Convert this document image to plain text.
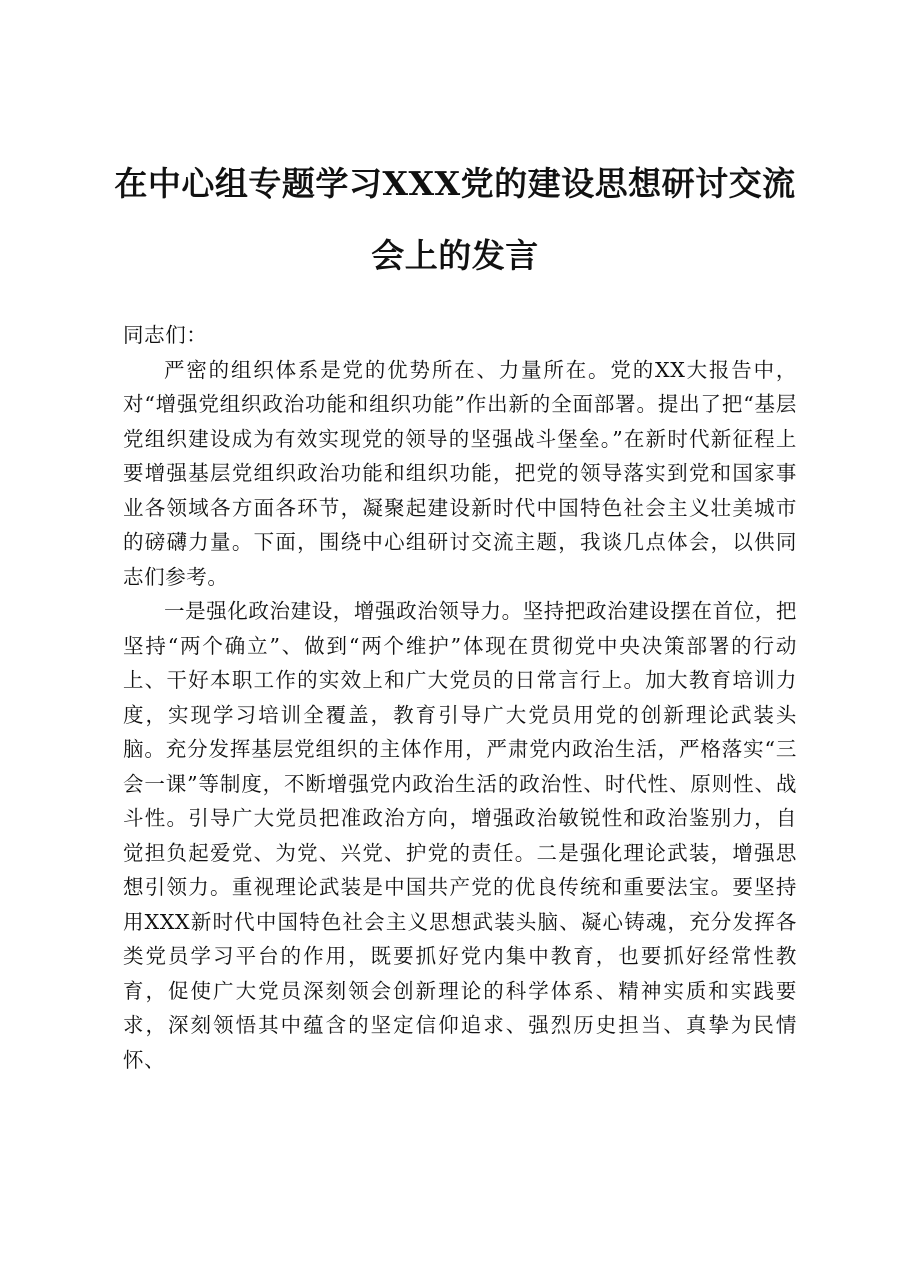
在中心组专题学习XXX党的建设思想研讨交流会上的发言

同志们：

严密的组织体系是党的优势所在、力量所在。党的XX大报告中，对“增强党组织政治功能和组织功能”作出新的全面部署。提出了把“基层党组织建设成为有效实现党的领导的坚强战斗堡垒。”在新时代新征程上要增强基层党组织政治功能和组织功能，把党的领导落实到党和国家事业各领域各方面各环节，凝聚起建设新时代中国特色社会主义壮美城市的磅礴力量。下面，围绕中心组研讨交流主题，我谈几点体会，以供同志们参考。

一是强化政治建设，增强政治领导力。坚持把政治建设摆在首位，把坚持“两个确立”、做到“两个维护”体现在贯彻党中央决策部署的行动上、干好本职工作的实效上和广大党员的日常言行上。加大教育培训力度，实现学习培训全覆盖，教育引导广大党员用党的创新理论武装头脑。充分发挥基层党组织的主体作用，严肃党内政治生活，严格落实“三会一课”等制度，不断增强党内政治生活的政治性、时代性、原则性、战斗性。引导广大党员把准政治方向，增强政治敏锐性和政治鉴别力，自觉担负起爱党、为党、兴党、护党的责任。二是强化理论武装，增强思想引领力。重视理论武装是中国共产党的优良传统和重要法宝。要坚持用XXX新时代中国特色社会主义思想武装头脑、凝心铸魂，充分发挥各类党员学习平台的作用，既要抓好党内集中教育，也要抓好经常性教育，促使广大党员深刻领会创新理论的科学体系、精神实质和实践要求，深刻领悟其中蕴含的坚定信仰追求、强烈历史担当、真挚为民情怀、
